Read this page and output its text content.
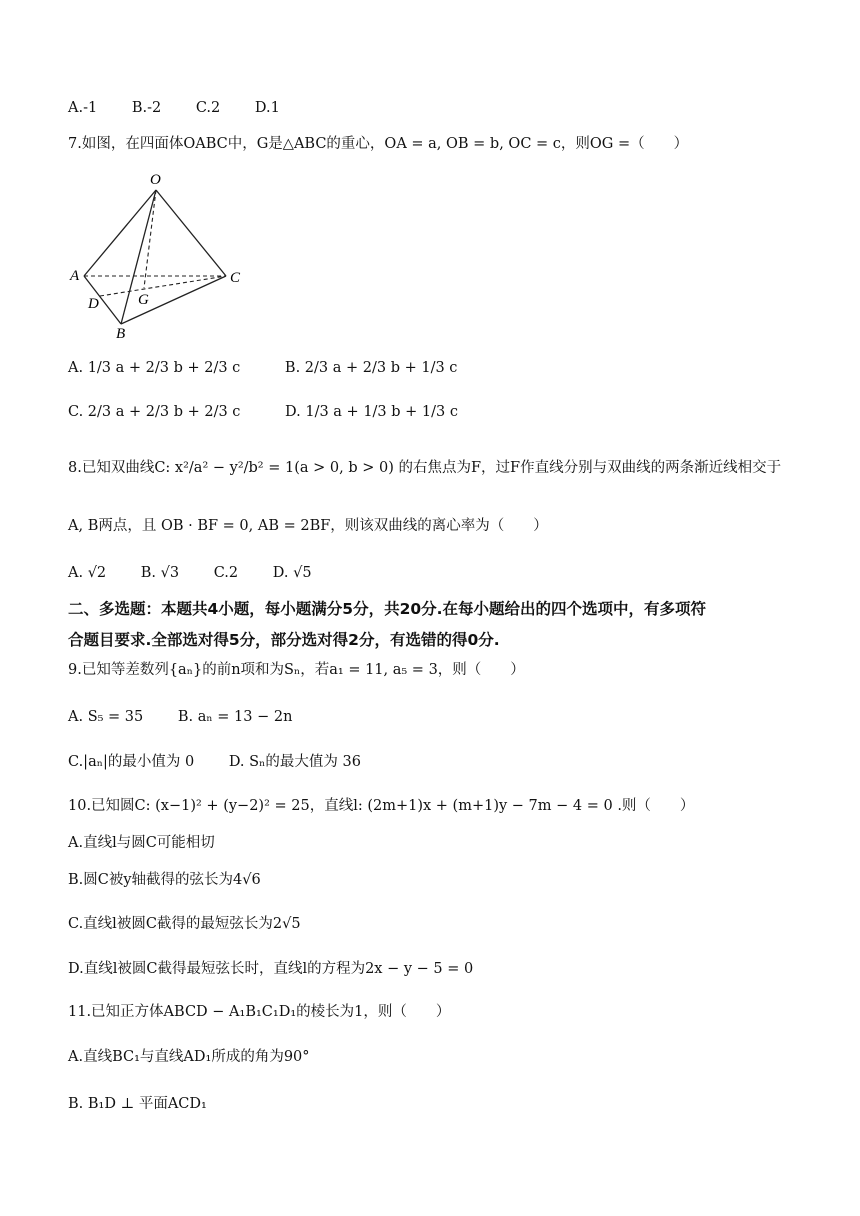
A.-1 B.-2 C.2 D.1
7.如图，在四面体OABC中，G是△ABC的重心，OA = a, OB = b, OC = c，则OG =（　　）
O
A	C
D	G
B
A. 1/3 a + 2/3 b + 2/3 c	B. 2/3 a + 2/3 b + 1/3 c
C. 2/3 a + 2/3 b + 2/3 c	D. 1/3 a + 1/3 b + 1/3 c
8.已知双曲线C: x²/a² − y²/b² = 1(a > 0, b > 0) 的右焦点为F，过F作直线分别与双曲线的两条渐近线相交于
A, B两点，且 OB · BF = 0, AB = 2BF，则该双曲线的离心率为（　　）
A. √2 B. √3 C.2 D. √5
二、多选题：本题共4小题，每小题满分5分，共20分.在每小题给出的四个选项中，有多项符
合题目要求.全部选对得5分，部分选对得2分，有选错的得0分.
9.已知等差数列{aₙ}的前n项和为Sₙ，若a₁ = 11, a₅ = 3，则（　　）
A. S₅ = 35 B. aₙ = 13 − 2n
C.|aₙ|的最小值为 0 D. Sₙ的最大值为 36
10.已知圆C: (x−1)² + (y−2)² = 25，直线l: (2m+1)x + (m+1)y − 7m − 4 = 0 .则（　　）
A.直线l与圆C可能相切
B.圆C被y轴截得的弦长为4√6
C.直线l被圆C截得的最短弦长为2√5
D.直线l被圆C截得最短弦长时，直线l的方程为2x − y − 5 = 0
11.已知正方体ABCD − A₁B₁C₁D₁的棱长为1，则（　　）
A.直线BC₁与直线AD₁所成的角为90°
B. B₁D ⊥ 平面ACD₁
